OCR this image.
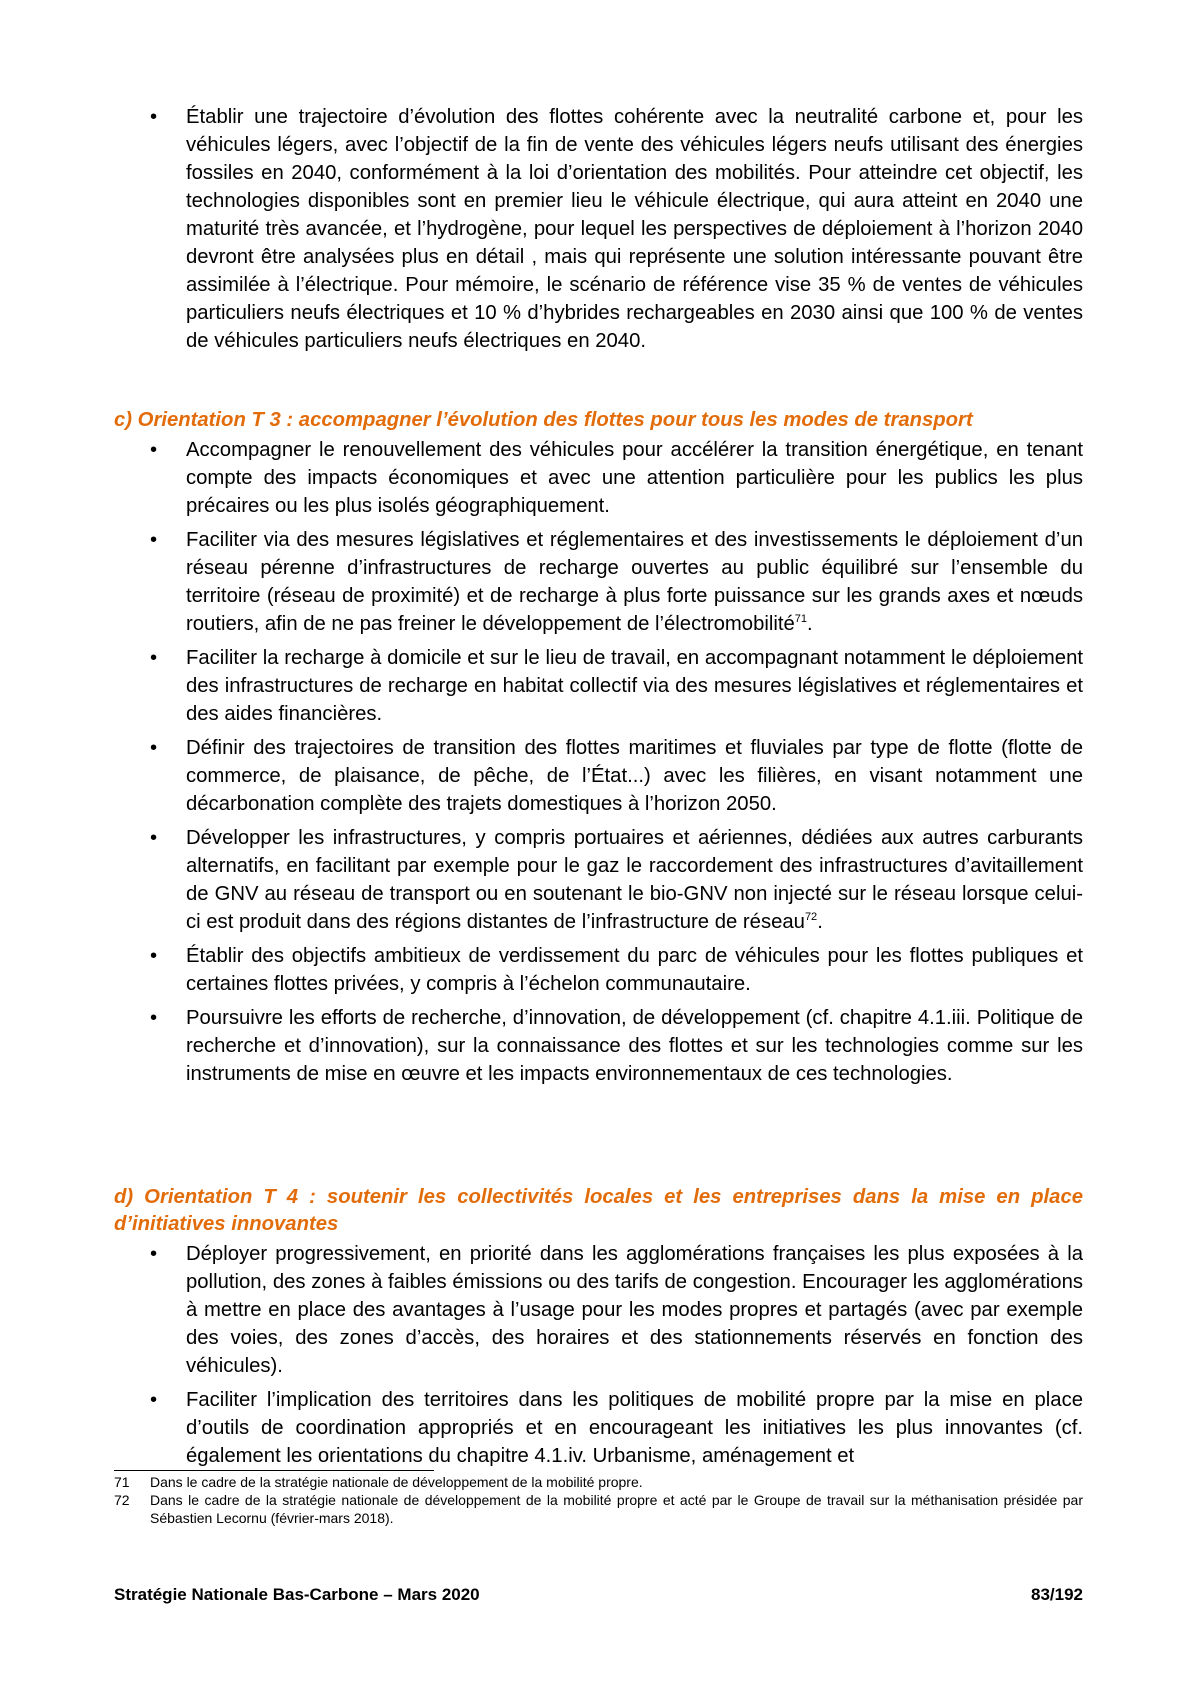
• Établir une trajectoire d’évolution des flottes cohérente avec la neutralité carbone et, pour les véhicules légers, avec l’objectif de la fin de vente des véhicules légers neufs utilisant des énergies fossiles en 2040, conformément à la loi d’orientation des mobilités. Pour atteindre cet objectif, les technologies disponibles sont en premier lieu le véhicule électrique, qui aura atteint en 2040 une maturité très avancée, et l’hydrogène, pour lequel les perspectives de déploiement à l’horizon 2040 devront être analysées plus en détail , mais qui représente une solution intéressante pouvant être assimilée à l’électrique. Pour mémoire, le scénario de référence vise 35 % de ventes de véhicules particuliers neufs électriques et 10 % d’hybrides rechargeables en 2030 ainsi que 100 % de ventes de véhicules particuliers neufs électriques en 2040.
c) Orientation T 3 : accompagner l’évolution des flottes pour tous les modes de transport
• Accompagner le renouvellement des véhicules pour accélérer la transition énergétique, en tenant compte des impacts économiques et avec une attention particulière pour les publics les plus précaires ou les plus isolés géographiquement.
• Faciliter via des mesures législatives et réglementaires et des investissements le déploiement d’un réseau pérenne d’infrastructures de recharge ouvertes au public équilibré sur l’ensemble du territoire (réseau de proximité) et de recharge à plus forte puissance sur les grands axes et nœuds routiers, afin de ne pas freiner le développement de l’électromobilité$^{71}$.
• Faciliter la recharge à domicile et sur le lieu de travail, en accompagnant notamment le déploiement des infrastructures de recharge en habitat collectif via des mesures législatives et réglementaires et des aides financières.
• Définir des trajectoires de transition des flottes maritimes et fluviales par type de flotte (flotte de commerce, de plaisance, de pêche, de l’État...) avec les filières, en visant notamment une décarbonation complète des trajets domestiques à l’horizon 2050.
• Développer les infrastructures, y compris portuaires et aériennes, dédiées aux autres carburants alternatifs, en facilitant par exemple pour le gaz le raccordement des infrastructures d’avitaillement de GNV au réseau de transport ou en soutenant le bio-GNV non injecté sur le réseau lorsque celui-ci est produit dans des régions distantes de l’infrastructure de réseau$^{72}$.
• Établir des objectifs ambitieux de verdissement du parc de véhicules pour les flottes publiques et certaines flottes privées, y compris à l’échelon communautaire.
• Poursuivre les efforts de recherche, d’innovation, de développement (cf. chapitre 4.1.iii. Politique de recherche et d’innovation), sur la connaissance des flottes et sur les technologies comme sur les instruments de mise en œuvre et les impacts environnementaux de ces technologies.
d) Orientation T 4 : soutenir les collectivités locales et les entreprises dans la mise en place d’initiatives innovantes
• Déployer progressivement, en priorité dans les agglomérations françaises les plus exposées à la pollution, des zones à faibles émissions ou des tarifs de congestion. Encourager les agglomérations à mettre en place des avantages à l’usage pour les modes propres et partagés (avec par exemple des voies, des zones d’accès, des horaires et des stationnements réservés en fonction des véhicules).
• Faciliter l’implication des territoires dans les politiques de mobilité propre par la mise en place d’outils de coordination appropriés et en encourageant les initiatives les plus innovantes (cf. également les orientations du chapitre 4.1.iv. Urbanisme, aménagement et
71 Dans le cadre de la stratégie nationale de développement de la mobilité propre.
72 Dans le cadre de la stratégie nationale de développement de la mobilité propre et acté par le Groupe de travail sur la méthanisation présidée par Sébastien Lecornu (février-mars 2018).
Stratégie Nationale Bas-Carbone – Mars 2020	83/192
